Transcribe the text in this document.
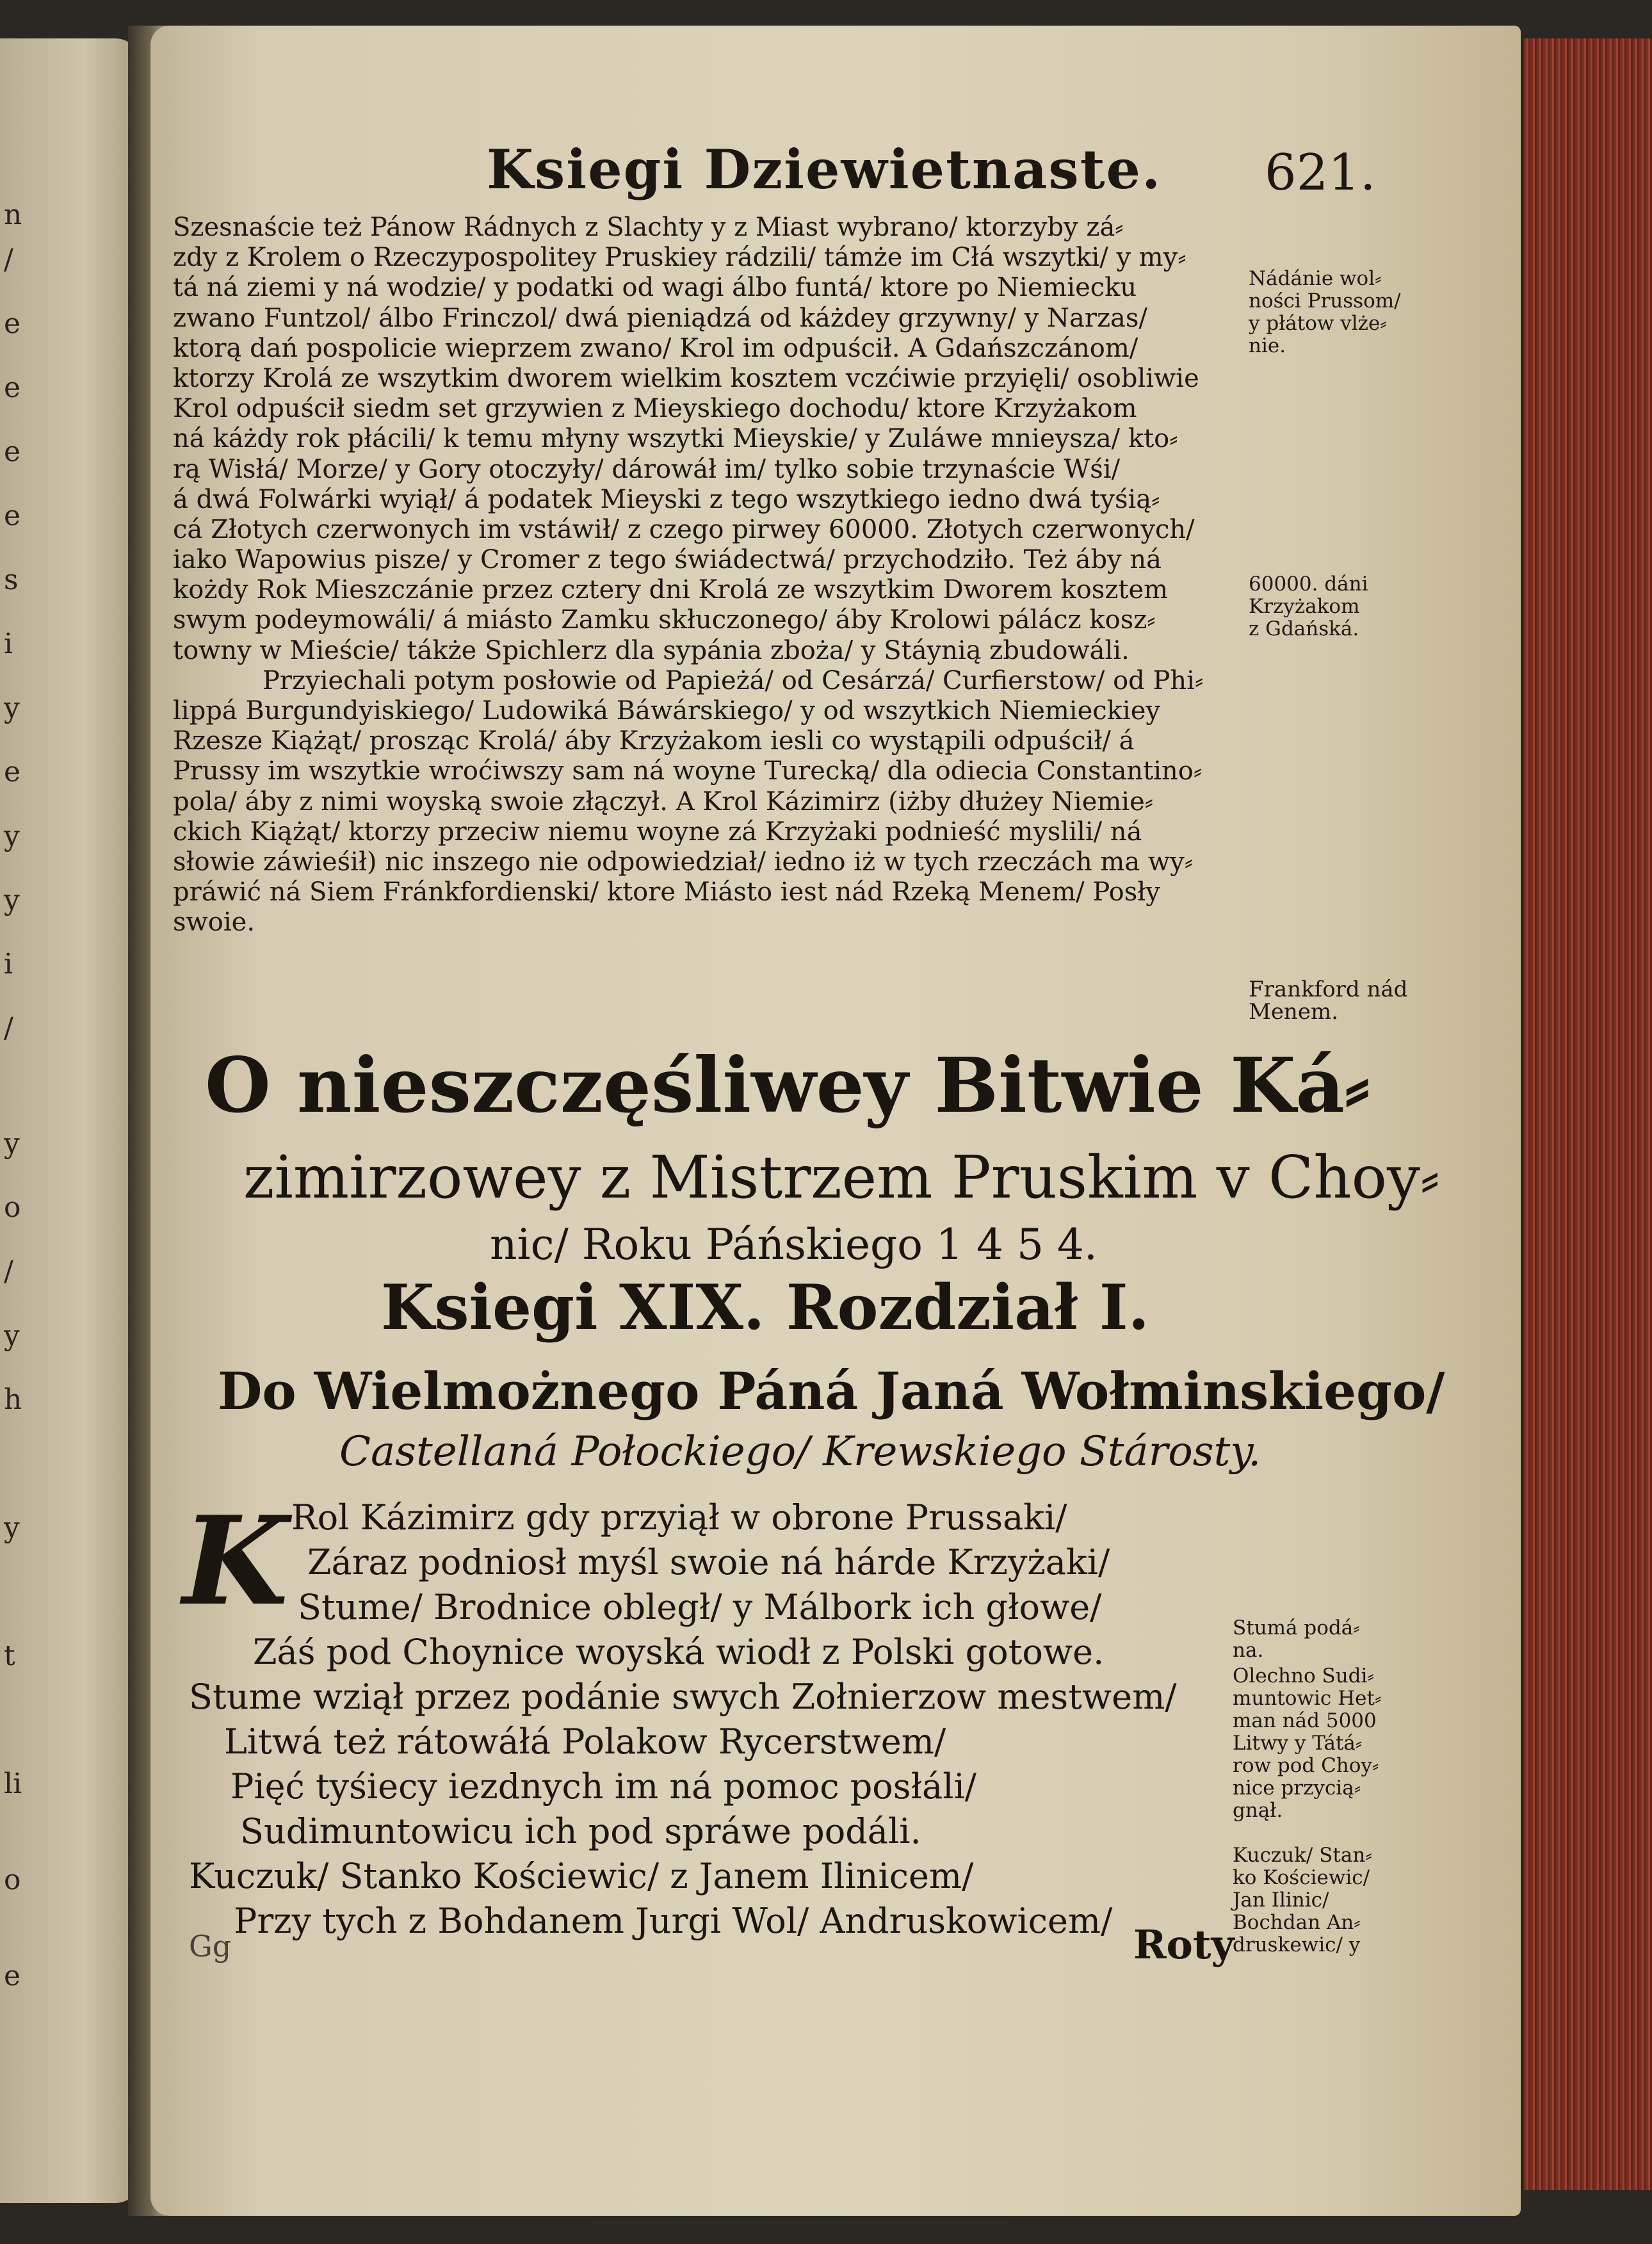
n
/
e
e
e
e
s
i
y
e
y
y
i
/
y
o
/
y
h
y
t
li
o
e
Ksiegi Dziewietnaste. 621.
Szesnaście też Pánow Rádnych z Slachty y z Miast wybrano/ ktorzyby zá⸗
zdy z Krolem o Rzeczypospolitey Pruskiey rádzili/ támże im Cłá wszytki/ y my⸗
tá ná ziemi y ná wodzie/ y podatki od wagi álbo funtá/ ktore po Niemiecku
zwano Funtzol/ álbo Frinczol/ dwá pieniądzá od káżdey grzywny/ y Narzas/
ktorą dań pospolicie wieprzem zwano/ Krol im odpuścił. A Gdańszczánom/
ktorzy Krolá ze wszytkim dworem wielkim kosztem vczćiwie przyięli/ osobliwie
Krol odpuścił siedm set grzywien z Mieyskiego dochodu/ ktore Krzyżakom
ná káżdy rok płácili/ k temu młyny wszytki Mieyskie/ y Zuláwe mnieysza/ kto⸗
rą Wisłá/ Morze/ y Gory otoczyły/ dárowáł im/ tylko sobie trzynaście Wśi/
á dwá Folwárki wyiął/ á podatek Mieyski z tego wszytkiego iedno dwá tyśią⸗
cá Złotych czerwonych im vstáwił/ z czego pirwey 60000. Złotych czerwonych/
iako Wapowius pisze/ y Cromer z tego świádectwá/ przychodziło. Też áby ná
kożdy Rok Mieszczánie przez cztery dni Krolá ze wszytkim Dworem kosztem
swym podeymowáli/ á miásto Zamku skłuczonego/ áby Krolowi pálácz kosz⸗
towny w Mieście/ tákże Spichlerz dla sypánia zboża/ y Stáynią zbudowáli.
Przyiechali potym posłowie od Papieżá/ od Cesárzá/ Curfierstow/ od Phi⸗
lippá Burgundyiskiego/ Ludowiká Báwárskiego/ y od wszytkich Niemieckiey
Rzesze Kiążąt/ prosząc Krolá/ áby Krzyżakom iesli co wystąpili odpuścił/ á
Prussy im wszytkie wroćiwszy sam ná woyne Turecką/ dla odiecia Constantino⸗
pola/ áby z nimi woyską swoie złączył. A Krol Kázimirz (iżby dłużey Niemie⸗
ckich Kiążąt/ ktorzy przeciw niemu woyne zá Krzyżaki podnieść myslili/ ná
słowie záwieśił) nic inszego nie odpowiedział/ iedno iż w tych rzeczách ma wy⸗
práwić ná Siem Fránkfordienski/ ktore Miásto iest nád Rzeką Menem/ Posły
swoie.
Nádánie wol⸗
ności Prussom/
y płátow vlże⸗
nie.
60000. dáni
Krzyżakom
z Gdańská.
Frankford nád
Menem.
Stumá podá⸗
na.
Olechno Sudi⸗
muntowic Het⸗
man nád 5000
Litwy y Tátá⸗
row pod Choy⸗
nice przycią⸗
gnął.
Kuczuk/ Stan⸗
ko Kościewic/
Jan Ilinic/
Bochdan An⸗
druskewic/ y
O nieszczęśliwey Bitwie Ká⸗
zimirzowey z Mistrzem Pruskim v Choy⸗
nic/ Roku Páńskiego 1 4 5 4.
Ksiegi XIX. Rozdział I.
Do Wielmożnego Páná Janá Wołminskiego/
Castellaná Połockiego/ Krewskiego Stárosty.
K Rol Kázimirz gdy przyiął w obrone Prussaki/
Záraz podniosł myśl swoie ná hárde Krzyżaki/
Stume/ Brodnice obległ/ y Málbork ich głowe/
Záś pod Choynice woyská wiodł z Polski gotowe.
Stume wziął przez podánie swych Zołnierzow mestwem/
Litwá też rátowáłá Polakow Rycerstwem/
Pięć tyśiecy iezdnych im ná pomoc posłáli/
Sudimuntowicu ich pod spráwe podáli.
Kuczuk/ Stanko Kościewic/ z Janem Ilinicem/
Przy tych z Bohdanem Jurgi Wol/ Andruskowicem/
Gg	Roty
